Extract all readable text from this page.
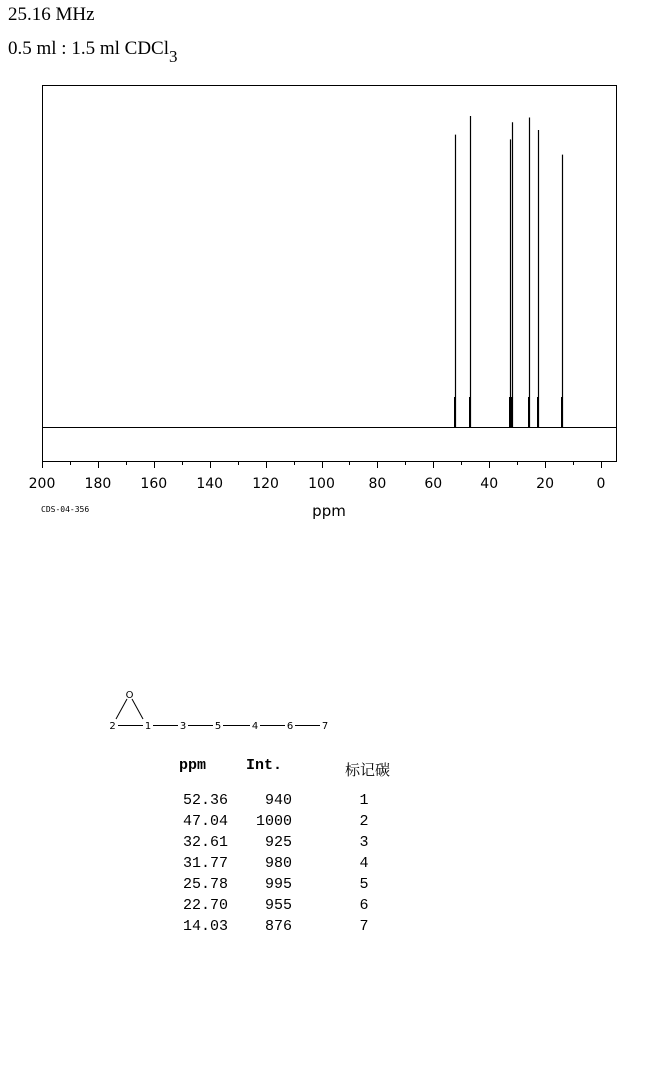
25.16 MHz
0.5 ml : 1.5 ml CDCl$_3$
200 180 160 140 120 100 80	60	40	20	0
ppm
CDS-04-356
O
2	1	3	5	4	6	7
ppm	Int.	标记碳
52.36	940	1
47.04	1000	2
32.61	925	3
31.77	980	4
25.78	995	5
22.70	955	6
14.03	876	7
